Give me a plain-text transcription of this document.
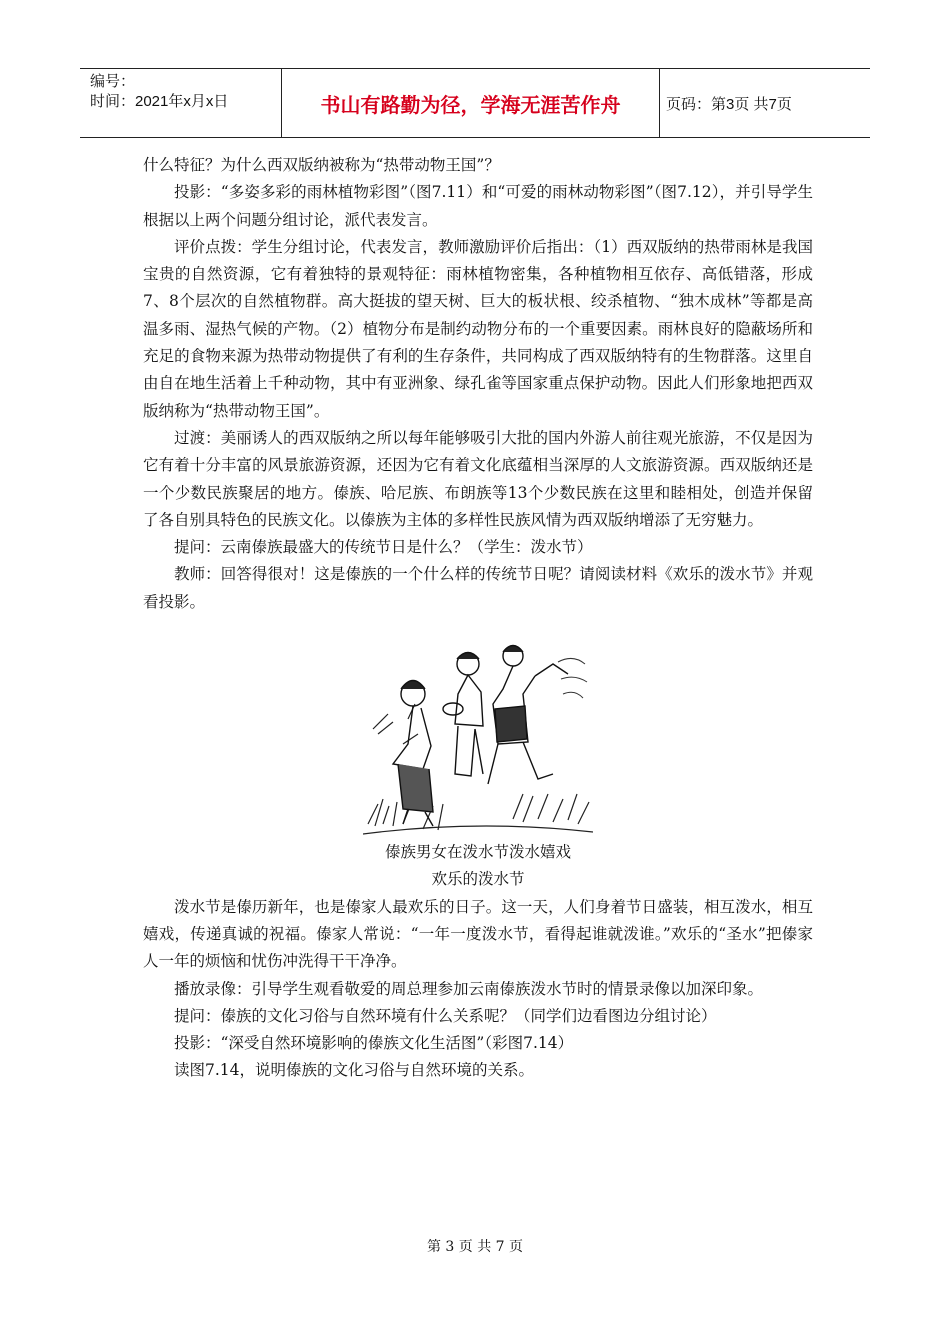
编号：
时间：2021年x月x日	书山有路勤为径，学海无涯苦作舟	页码：第3页 共7页

什么特征？为什么西双版纳被称为“热带动物王国”？

投影：“多姿多彩的雨林植物彩图”（图7.11）和“可爱的雨林动物彩图”（图7.12），并引导学生根据以上两个问题分组讨论，派代表发言。

评价点拨：学生分组讨论，代表发言，教师激励评价后指出：（1）西双版纳的热带雨林是我国宝贵的自然资源，它有着独特的景观特征：雨林植物密集，各种植物相互依存、高低错落，形成7、8个层次的自然植物群。高大挺拔的望天树、巨大的板状根、绞杀植物、“独木成林”等都是高温多雨、湿热气候的产物。（2）植物分布是制约动物分布的一个重要因素。雨林良好的隐蔽场所和充足的食物来源为热带动物提供了有利的生存条件，共同构成了西双版纳特有的生物群落。这里自由自在地生活着上千种动物，其中有亚洲象、绿孔雀等国家重点保护动物。因此人们形象地把西双版纳称为“热带动物王国”。

过渡：美丽诱人的西双版纳之所以每年能够吸引大批的国内外游人前往观光旅游，不仅是因为它有着十分丰富的风景旅游资源，还因为它有着文化底蕴相当深厚的人文旅游资源。西双版纳还是一个少数民族聚居的地方。傣族、哈尼族、布朗族等13个少数民族在这里和睦相处，创造并保留了各自别具特色的民族文化。以傣族为主体的多样性民族风情为西双版纳增添了无穷魅力。

提问：云南傣族最盛大的传统节日是什么？（学生：泼水节）

教师：回答得很对！这是傣族的一个什么样的传统节日呢？请阅读材料《欢乐的泼水节》并观看投影。

傣族男女在泼水节泼水嬉戏

欢乐的泼水节

泼水节是傣历新年，也是傣家人最欢乐的日子。这一天，人们身着节日盛装，相互泼水，相互嬉戏，传递真诚的祝福。傣家人常说：“一年一度泼水节，看得起谁就泼谁。”欢乐的“圣水”把傣家人一年的烦恼和忧伤冲洗得干干净净。

播放录像：引导学生观看敬爱的周总理参加云南傣族泼水节时的情景录像以加深印象。

提问：傣族的文化习俗与自然环境有什么关系呢？（同学们边看图边分组讨论）

投影：“深受自然环境影响的傣族文化生活图”（彩图7.14）

读图7.14，说明傣族的文化习俗与自然环境的关系。

第 3 页 共 7 页
